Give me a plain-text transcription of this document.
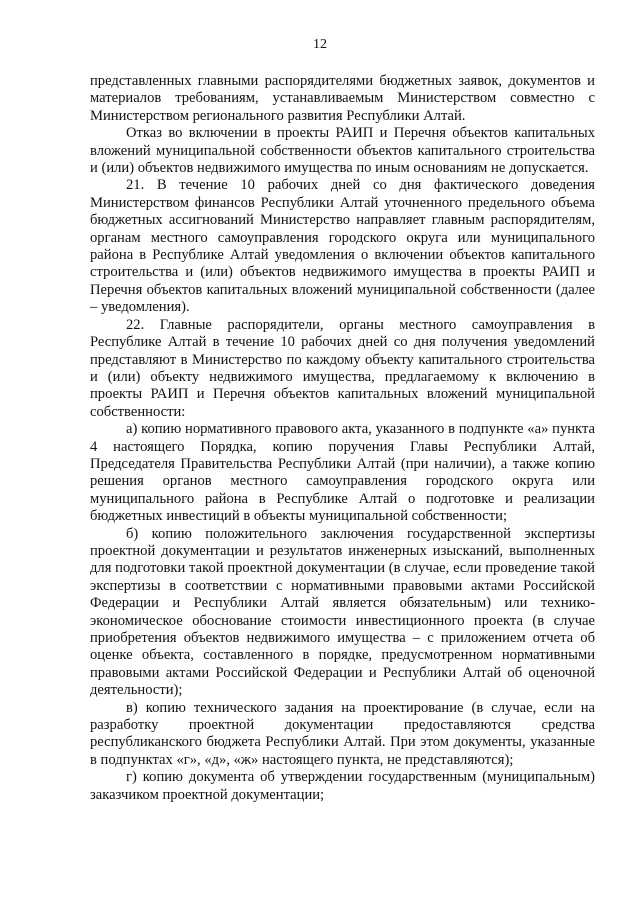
12

представленных главными распорядителями бюджетных заявок, документов и материалов требованиям, устанавливаемым Министерством совместно с Министерством регионального развития Республики Алтай.

Отказ во включении в проекты РАИП и Перечня объектов капитальных вложений муниципальной собственности объектов капитального строительства и (или) объектов недвижимого имущества по иным основаниям не допускается.

21. В течение 10 рабочих дней со дня фактического доведения Министерством финансов Республики Алтай уточненного предельного объема бюджетных ассигнований Министерство направляет главным распорядителям, органам местного самоуправления городского округа или муниципального района в Республике Алтай уведомления о включении объектов капитального строительства и (или) объектов недвижимого имущества в проекты РАИП и Перечня объектов капитальных вложений муниципальной собственности (далее – уведомления).

22. Главные распорядители, органы местного самоуправления в Республике Алтай в течение 10 рабочих дней со дня получения уведомлений представляют в Министерство по каждому объекту капитального строительства и (или) объекту недвижимого имущества, предлагаемому к включению в проекты РАИП и Перечня объектов капитальных вложений муниципальной собственности:

а) копию нормативного правового акта, указанного в подпункте «а» пункта 4 настоящего Порядка, копию поручения Главы Республики Алтай, Председателя Правительства Республики Алтай (при наличии), а также копию решения органов местного самоуправления городского округа или муниципального района в Республике Алтай о подготовке и реализации бюджетных инвестиций в объекты муниципальной собственности;

б) копию положительного заключения государственной экспертизы проектной документации и результатов инженерных изысканий, выполненных для подготовки такой проектной документации (в случае, если проведение такой экспертизы в соответствии с нормативными правовыми актами Российской Федерации и Республики Алтай является обязательным) или технико-экономическое обоснование стоимости инвестиционного проекта (в случае приобретения объектов недвижимого имущества – с приложением отчета об оценке объекта, составленного в порядке, предусмотренном нормативными правовыми актами Российской Федерации и Республики Алтай об оценочной деятельности);

в) копию технического задания на проектирование (в случае, если на разработку проектной документации предоставляются средства республиканского бюджета Республики Алтай. При этом документы, указанные в подпунктах «г», «д», «ж» настоящего пункта, не представляются);

г) копию документа об утверждении государственным (муниципальным) заказчиком проектной документации;
